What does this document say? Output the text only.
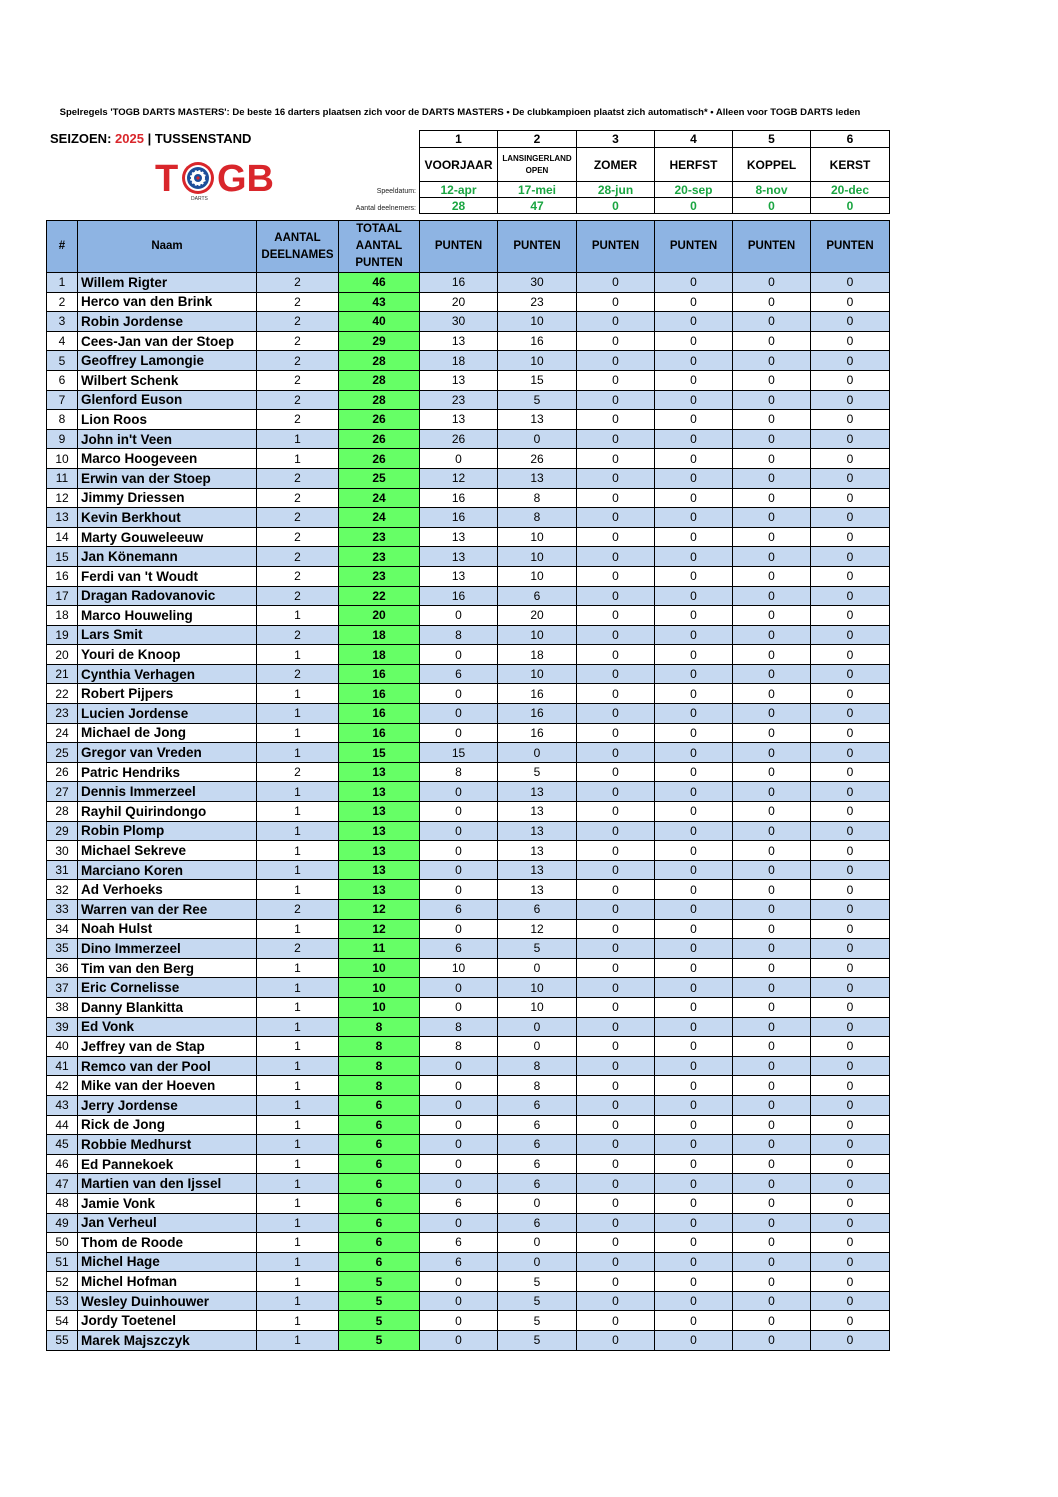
Spelregels 'TOGB DARTS MASTERS': De beste 16 darters plaatsen zich voor de DARTS MASTERS • De clubkampioen plaatst zich automatisch* • Alleen voor TOGB DARTS leden
SEIZOEN: 2025 | TUSSENSTAND
T GB
DARTS
Speeldatum:
Aantal deelnemers:
1	2	3	4	5	6
VOORJAAR	LANSINGERLAND OPEN	ZOMER	HERFST	KOPPEL	KERST
12-apr	17-mei	28-jun	20-sep	8-nov	20-dec
28	47	0	0	0	0
#	Naam	AANTAL DEELNAMES	TOTAAL AANTAL PUNTEN	PUNTEN	PUNTEN	PUNTEN	PUNTEN	PUNTEN	PUNTEN
1	Willem Rigter	2	46	16	30	0	0	0	0
2	Herco van den Brink	2	43	20	23	0	0	0	0
3	Robin Jordense	2	40	30	10	0	0	0	0
4	Cees-Jan van der Stoep	2	29	13	16	0	0	0	0
5	Geoffrey Lamongie	2	28	18	10	0	0	0	0
6	Wilbert Schenk	2	28	13	15	0	0	0	0
7	Glenford Euson	2	28	23	5	0	0	0	0
8	Lion Roos	2	26	13	13	0	0	0	0
9	John in't Veen	1	26	26	0	0	0	0	0
10	Marco Hoogeveen	1	26	0	26	0	0	0	0
11	Erwin van der Stoep	2	25	12	13	0	0	0	0
12	Jimmy Driessen	2	24	16	8	0	0	0	0
13	Kevin Berkhout	2	24	16	8	0	0	0	0
14	Marty Gouweleeuw	2	23	13	10	0	0	0	0
15	Jan Könemann	2	23	13	10	0	0	0	0
16	Ferdi van 't Woudt	2	23	13	10	0	0	0	0
17	Dragan Radovanovic	2	22	16	6	0	0	0	0
18	Marco Houweling	1	20	0	20	0	0	0	0
19	Lars Smit	2	18	8	10	0	0	0	0
20	Youri de Knoop	1	18	0	18	0	0	0	0
21	Cynthia Verhagen	2	16	6	10	0	0	0	0
22	Robert Pijpers	1	16	0	16	0	0	0	0
23	Lucien Jordense	1	16	0	16	0	0	0	0
24	Michael de Jong	1	16	0	16	0	0	0	0
25	Gregor van Vreden	1	15	15	0	0	0	0	0
26	Patric Hendriks	2	13	8	5	0	0	0	0
27	Dennis Immerzeel	1	13	0	13	0	0	0	0
28	Rayhil Quirindongo	1	13	0	13	0	0	0	0
29	Robin Plomp	1	13	0	13	0	0	0	0
30	Michael Sekreve	1	13	0	13	0	0	0	0
31	Marciano Koren	1	13	0	13	0	0	0	0
32	Ad Verhoeks	1	13	0	13	0	0	0	0
33	Warren van der Ree	2	12	6	6	0	0	0	0
34	Noah Hulst	1	12	0	12	0	0	0	0
35	Dino Immerzeel	2	11	6	5	0	0	0	0
36	Tim van den Berg	1	10	10	0	0	0	0	0
37	Eric Cornelisse	1	10	0	10	0	0	0	0
38	Danny Blankitta	1	10	0	10	0	0	0	0
39	Ed Vonk	1	8	8	0	0	0	0	0
40	Jeffrey van de Stap	1	8	8	0	0	0	0	0
41	Remco van der Pool	1	8	0	8	0	0	0	0
42	Mike van der Hoeven	1	8	0	8	0	0	0	0
43	Jerry Jordense	1	6	0	6	0	0	0	0
44	Rick de Jong	1	6	0	6	0	0	0	0
45	Robbie Medhurst	1	6	0	6	0	0	0	0
46	Ed Pannekoek	1	6	0	6	0	0	0	0
47	Martien van den Ijssel	1	6	0	6	0	0	0	0
48	Jamie Vonk	1	6	6	0	0	0	0	0
49	Jan Verheul	1	6	0	6	0	0	0	0
50	Thom de Roode	1	6	6	0	0	0	0	0
51	Michel Hage	1	6	6	0	0	0	0	0
52	Michel Hofman	1	5	0	5	0	0	0	0
53	Wesley Duinhouwer	1	5	0	5	0	0	0	0
54	Jordy Toetenel	1	5	0	5	0	0	0	0
55	Marek Majszczyk	1	5	0	5	0	0	0	0
